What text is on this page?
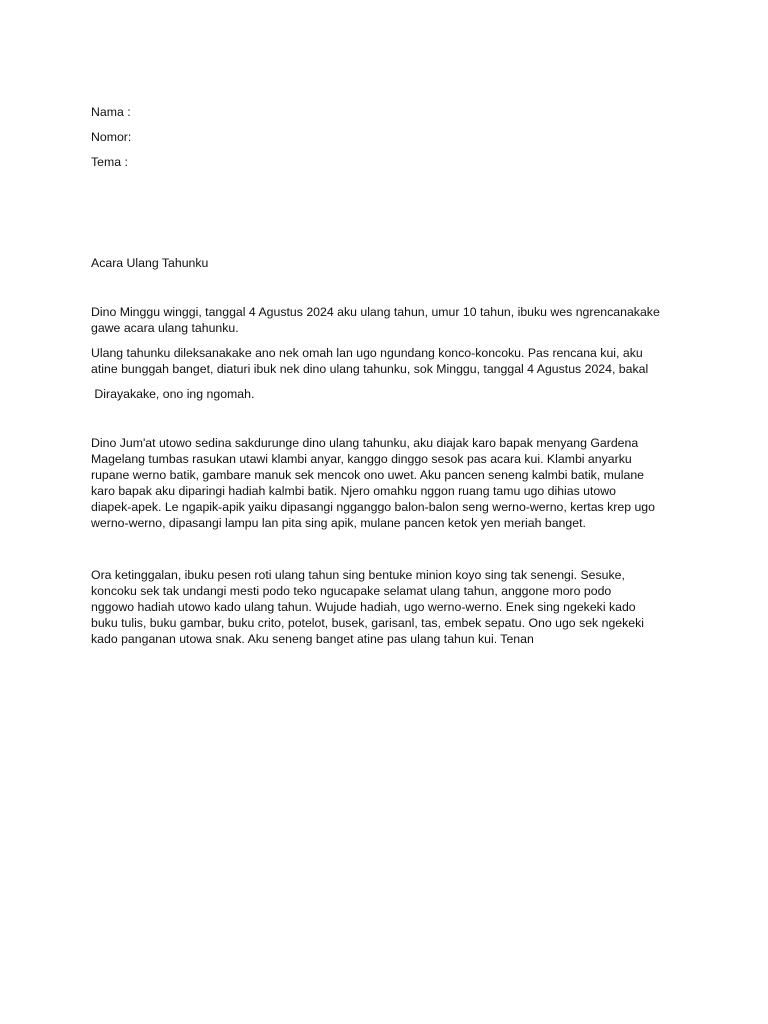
Nama :

Nomor:

Tema :

Acara Ulang Tahunku

Dino Minggu winggi, tanggal 4 Agustus 2024 aku ulang tahun, umur 10 tahun, ibuku wes ngrencanakake
gawe acara ulang tahunku.
Ulang tahunku dileksanakake ano nek omah lan ugo ngundang konco-koncoku. Pas rencana kui, aku
atine bunggah banget, diaturi ibuk nek dino ulang tahunku, sok Minggu, tanggal 4 Agustus 2024, bakal
Dirayakake, ono ing ngomah.
Dino Jum'at utowo sedina sakdurunge dino ulang tahunku, aku diajak karo bapak menyang Gardena
Magelang tumbas rasukan utawi klambi anyar, kanggo dinggo sesok pas acara kui. Klambi anyarku
rupane werno batik, gambare manuk sek mencok ono uwet. Aku pancen seneng kalmbi batik, mulane
karo bapak aku diparingi hadiah kalmbi batik. Njero omahku nggon ruang tamu ugo dihias utowo
diapek-apek. Le ngapik-apik yaiku dipasangi ngganggo balon-balon seng werno-werno, kertas krep ugo
werno-werno, dipasangi lampu lan pita sing apik, mulane pancen ketok yen meriah banget.
Ora ketinggalan, ibuku pesen roti ulang tahun sing bentuke minion koyo sing tak senengi. Sesuke,
koncoku sek tak undangi mesti podo teko ngucapake selamat ulang tahun, anggone moro podo
nggowo hadiah utowo kado ulang tahun. Wujude hadiah, ugo werno-werno. Enek sing ngekeki kado
buku tulis, buku gambar, buku crito, potelot, busek, garisanl, tas, embek sepatu. Ono ugo sek ngekeki
kado panganan utowa snak. Aku seneng banget atine pas ulang tahun kui. Tenan
